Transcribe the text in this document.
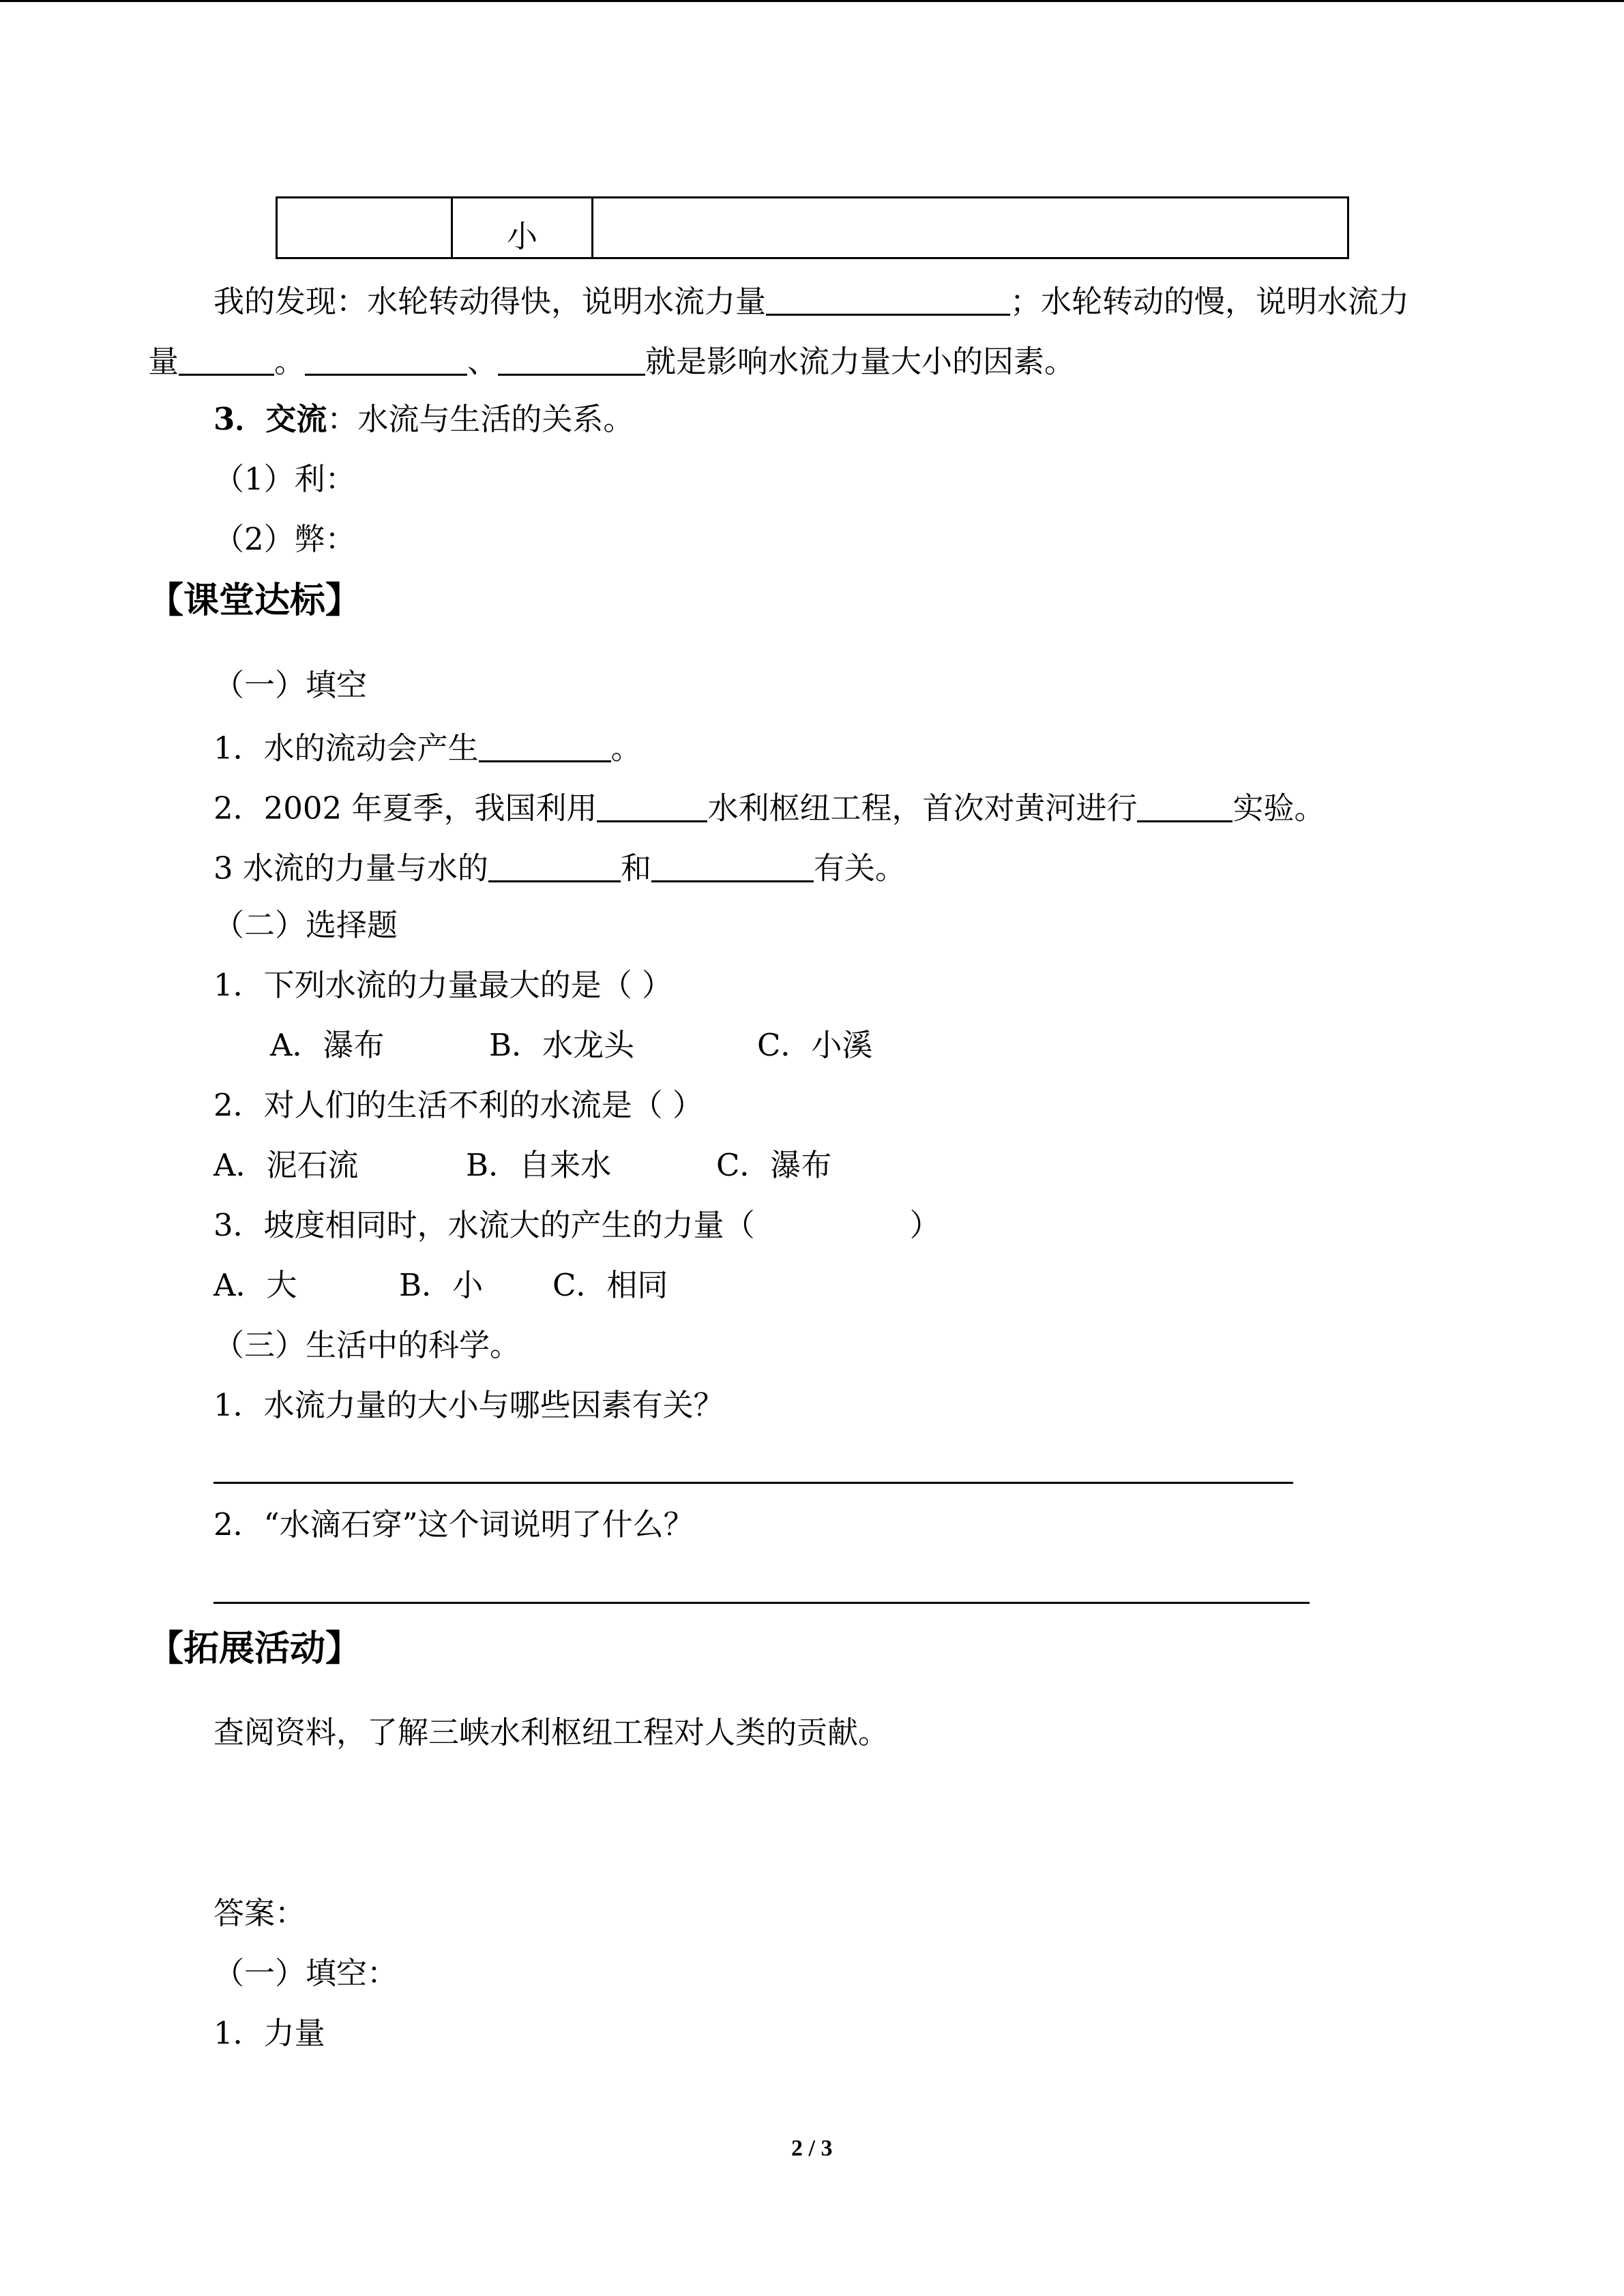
	小	
我的发现：水轮转动得快，说明水流力量	；水轮转动的慢，说明水流力
量	。	、	就是影响水流力量大小的因素。
3．交流：水流与生活的关系。
（1）利：
（2）弊：
【课堂达标】
（一）填空
1．水的流动会产生	。
2．2002 年夏季，我国利用	水利枢纽工程，首次对黄河进行	实验。
3 水流的力量与水的	和	有关。
（二）选择题
1．下列水流的力量最大的是（ ）
A．瀑布	B．水龙头	C．小溪
2．对人们的生活不利的水流是（ ）
A．泥石流	B．自来水	C．瀑布
3．坡度相同时，水流大的产生的力量（	）
A．大	B．小 C．相同
（三）生活中的科学。
1．水流力量的大小与哪些因素有关？
2．“水滴石穿”这个词说明了什么？
【拓展活动】
查阅资料，了解三峡水利枢纽工程对人类的贡献。
答案：
（一）填空：
1．力量
2 / 3
